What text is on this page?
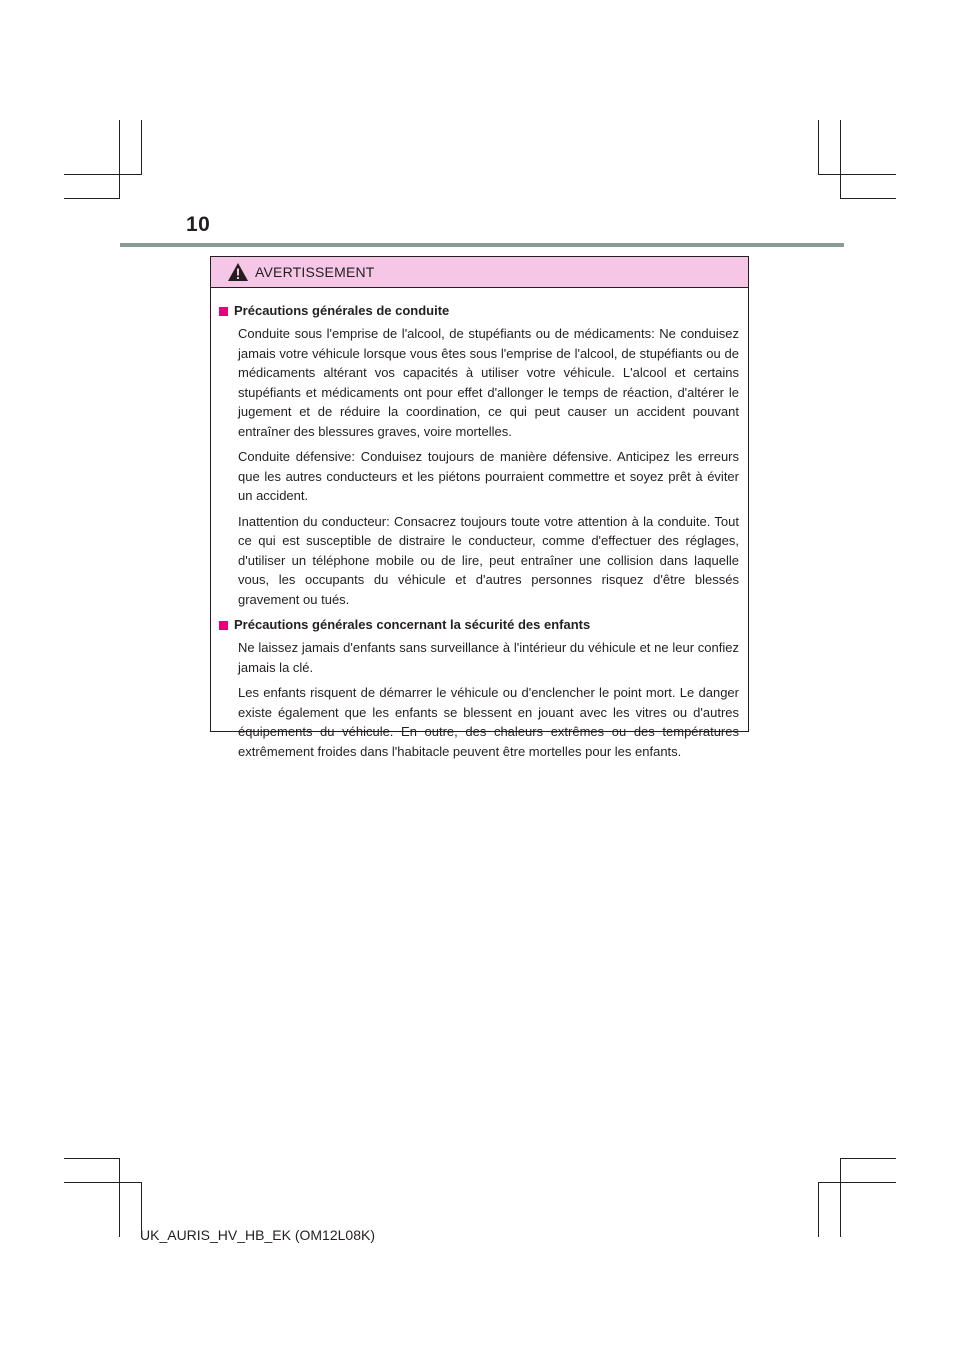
10
AVERTISSEMENT
Précautions générales de conduite

Conduite sous l'emprise de l'alcool, de stupéfiants ou de médicaments: Ne conduisez jamais votre véhicule lorsque vous êtes sous l'emprise de l'alcool, de stupéfiants ou de médicaments altérant vos capacités à utiliser votre véhicule. L'alcool et certains stupéfiants et médicaments ont pour effet d'allonger le temps de réaction, d'altérer le jugement et de réduire la coordination, ce qui peut causer un accident pouvant entraîner des blessures graves, voire mortelles.

Conduite défensive: Conduisez toujours de manière défensive. Anticipez les erreurs que les autres conducteurs et les piétons pourraient commettre et soyez prêt à éviter un accident.

Inattention du conducteur: Consacrez toujours toute votre attention à la conduite. Tout ce qui est susceptible de distraire le conducteur, comme d'effectuer des réglages, d'utiliser un téléphone mobile ou de lire, peut entraîner une collision dans laquelle vous, les occupants du véhicule et d'autres personnes risquez d'être blessés gravement ou tués.

Précautions générales concernant la sécurité des enfants

Ne laissez jamais d'enfants sans surveillance à l'intérieur du véhicule et ne leur confiez jamais la clé.

Les enfants risquent de démarrer le véhicule ou d'enclencher le point mort. Le danger existe également que les enfants se blessent en jouant avec les vitres ou d'autres équipements du véhicule. En outre, des chaleurs extrêmes ou des températures extrêmement froides dans l'habitacle peuvent être mortelles pour les enfants.

UK_AURIS_HV_HB_EK (OM12L08K)
